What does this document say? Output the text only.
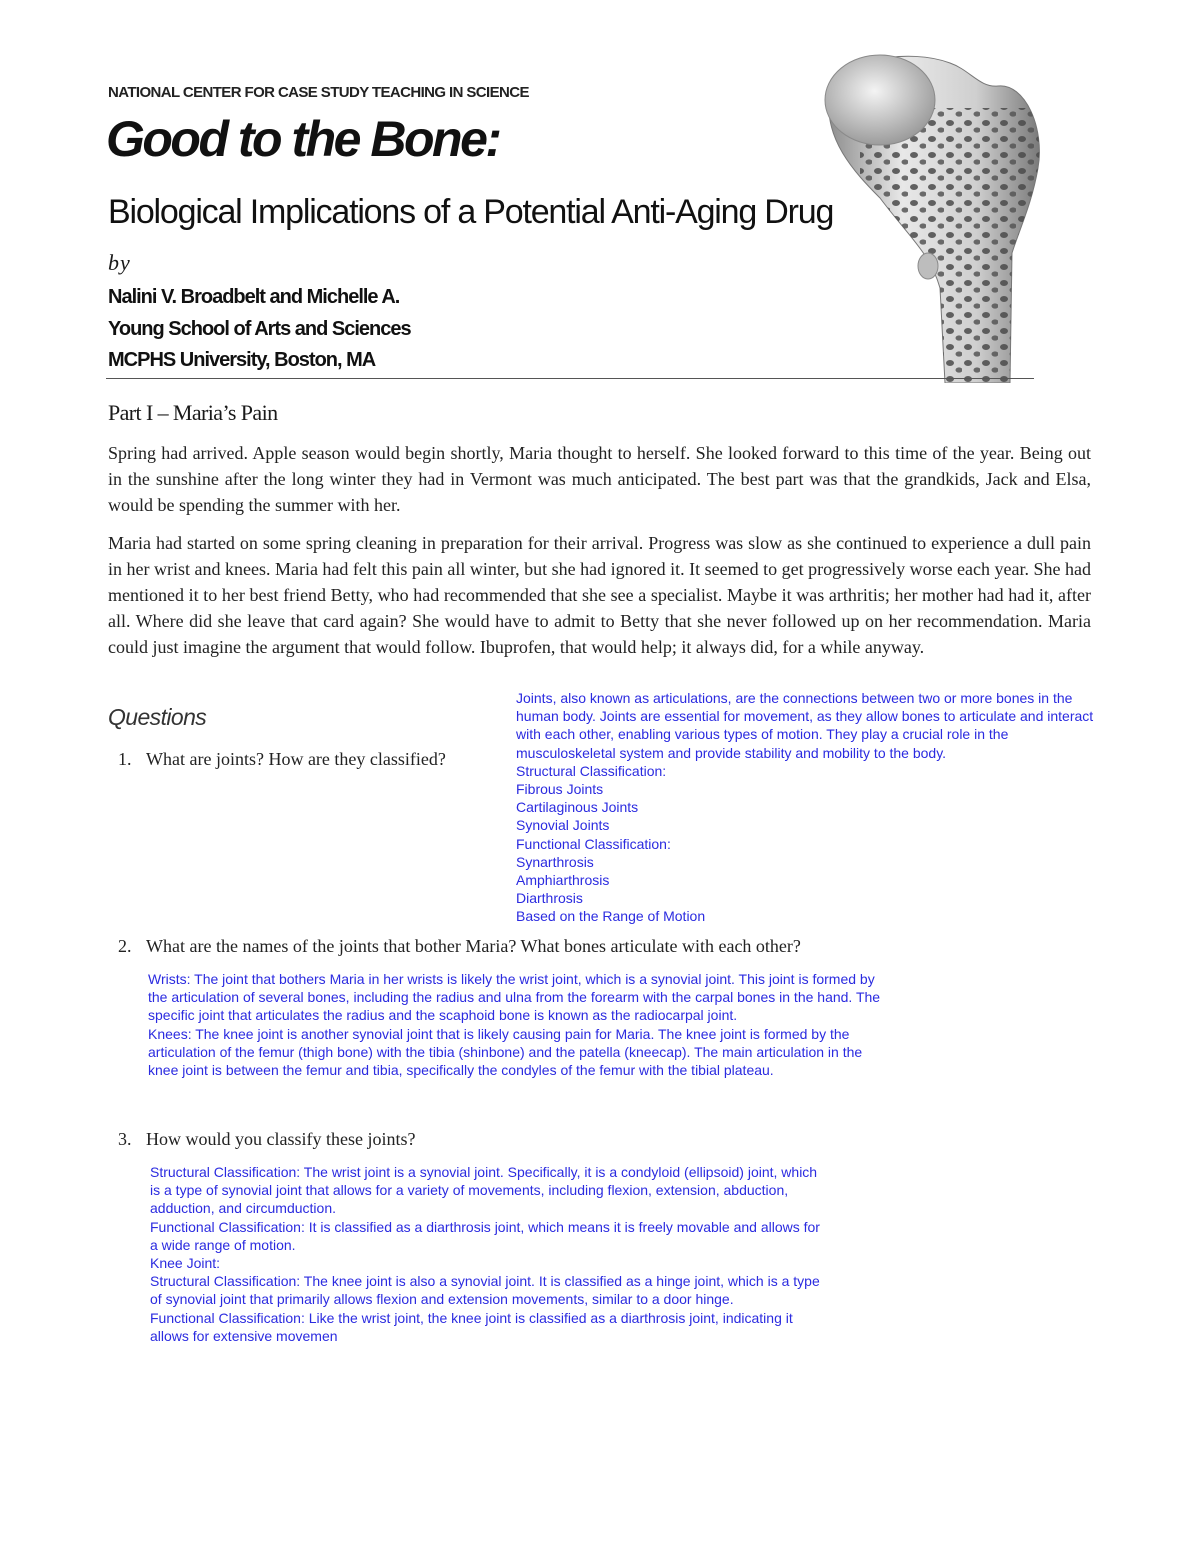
NATIONAL CENTER FOR CASE STUDY TEACHING IN SCIENCE
Good to the Bone:
Biological Implications of a Potential Anti-Aging Drug
by
Nalini V. Broadbelt and Michelle A.
Young School of Arts and Sciences
MCPHS University, Boston, MA
Part I – Maria’s Pain
Spring had arrived. Apple season would begin shortly, Maria thought to herself. She looked forward to this time of the year. Being out in the sunshine after the long winter they had in Vermont was much anticipated. The best part was that the grandkids, Jack and Elsa, would be spending the summer with her.
Maria had started on some spring cleaning in preparation for their arrival. Progress was slow as she continued to experience a dull pain in her wrist and knees. Maria had felt this pain all winter, but she had ignored it. It seemed to get progressively worse each year. She had mentioned it to her best friend Betty, who had recommended that she see a specialist. Maybe it was arthritis; her mother had had it, after all. Where did she leave that card again? She would have to admit to Betty that she never followed up on her recommendation. Maria could just imagine the argument that would follow. Ibuprofen, that would help; it always did, for a while anyway.
Questions
1. What are joints? How are they classified?
Joints, also known as articulations, are the connections between two or more bones in the
human body. Joints are essential for movement, as they allow bones to articulate and interact
with each other, enabling various types of motion. They play a crucial role in the
musculoskeletal system and provide stability and mobility to the body.
Structural Classification:
Fibrous Joints
Cartilaginous Joints
Synovial Joints
Functional Classification:
Synarthrosis
Amphiarthrosis
Diarthrosis
Based on the Range of Motion
2. What are the names of the joints that bother Maria? What bones articulate with each other?
Wrists: The joint that bothers Maria in her wrists is likely the wrist joint, which is a synovial joint. This joint is formed by
the articulation of several bones, including the radius and ulna from the forearm with the carpal bones in the hand. The
specific joint that articulates the radius and the scaphoid bone is known as the radiocarpal joint.
Knees: The knee joint is another synovial joint that is likely causing pain for Maria. The knee joint is formed by the
articulation of the femur (thigh bone) with the tibia (shinbone) and the patella (kneecap). The main articulation in the
knee joint is between the femur and tibia, specifically the condyles of the femur with the tibial plateau.
3. How would you classify these joints?
Structural Classification: The wrist joint is a synovial joint. Specifically, it is a condyloid (ellipsoid) joint, which
is a type of synovial joint that allows for a variety of movements, including flexion, extension, abduction,
adduction, and circumduction.
Functional Classification: It is classified as a diarthrosis joint, which means it is freely movable and allows for
a wide range of motion.
Knee Joint:
Structural Classification: The knee joint is also a synovial joint. It is classified as a hinge joint, which is a type
of synovial joint that primarily allows flexion and extension movements, similar to a door hinge.
Functional Classification: Like the wrist joint, the knee joint is classified as a diarthrosis joint, indicating it
allows for extensive movemen
